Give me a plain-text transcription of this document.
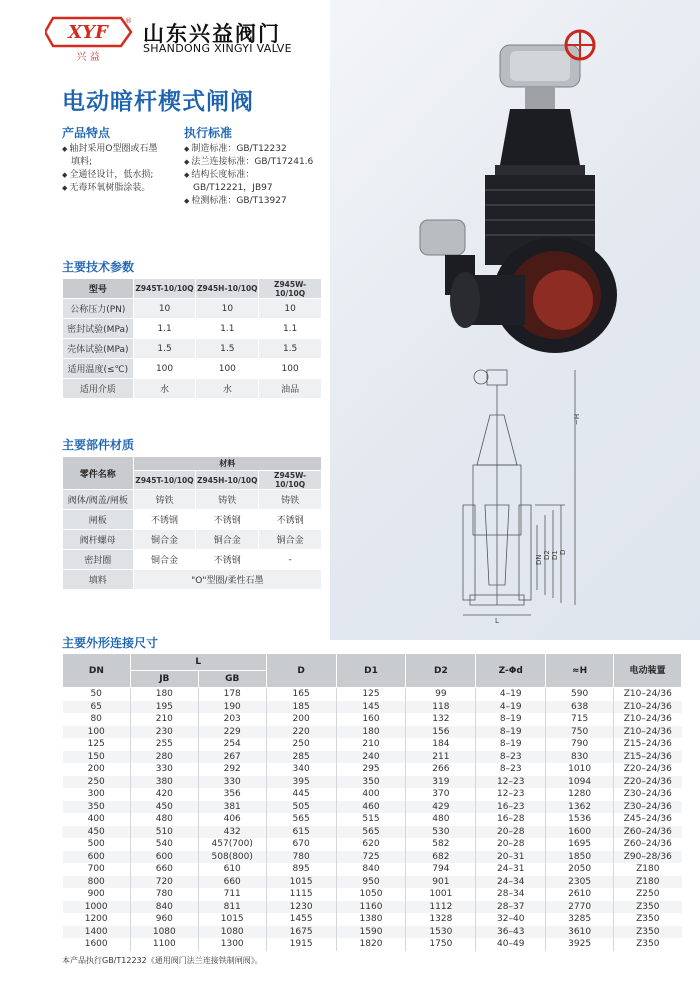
XYF
兴 益
®
山东兴益阀门
SHANDONG XINGYI VALVE
电动暗杆楔式闸阀
产品特点
◆ 轴封采用O型圈或石墨
填料;
◆ 全通径设计，低水损;
◆ 无毒环氧树脂涂装。
执行标准
◆ 制造标准：GB/T12232
◆ 法兰连接标准：GB/T17241.6
◆ 结构长度标准：
GB/T12221，JB97
◆ 检测标准：GB/T13927
~H
L
DN D2 D1 D
主要技术参数
型号	Z945T-10/10Q	Z945H-10/10Q	Z945W-10/10Q
公称压力(PN)	10	10	10
密封试验(MPa)	1.1	1.1	1.1
壳体试验(MPa)	1.5	1.5	1.5
适用温度(≤℃)	100	100	100
适用介质	水	水	油品
主要部件材质
零件名称	材料		
	Z945T-10/10Q	Z945H-10/10Q	Z945W-10/10Q
阀体/阀盖/闸板	铸铁	铸铁	铸铁
闸板	不锈钢	不锈钢	不锈钢
阀杆螺母	铜合金	铜合金	铜合金
密封圈	铜合金	不锈钢	-
填料	"O"型圈/柔性石墨		
主要外形连接尺寸
DN	L		D	D1	D2	Z-Φd	≈H	电动装置
	JB	GB						
50	180	178	165	125	99	4–19	590	Z10–24/36
65	195	190	185	145	118	4–19	638	Z10–24/36
80	210	203	200	160	132	8–19	715	Z10–24/36
100	230	229	220	180	156	8–19	750	Z10–24/36
125	255	254	250	210	184	8–19	790	Z15–24/36
150	280	267	285	240	211	8–23	830	Z15–24/36
200	330	292	340	295	266	8–23	1010	Z20–24/36
250	380	330	395	350	319	12–23	1094	Z20–24/36
300	420	356	445	400	370	12–23	1280	Z30–24/36
350	450	381	505	460	429	16–23	1362	Z30–24/36
400	480	406	565	515	480	16–28	1536	Z45–24/36
450	510	432	615	565	530	20–28	1600	Z60–24/36
500	540	457(700)	670	620	582	20–28	1695	Z60–24/36
600	600	508(800)	780	725	682	20–31	1850	Z90–28/36
700	660	610	895	840	794	24–31	2050	Z180
800	720	660	1015	950	901	24–34	2305	Z180
900	780	711	1115	1050	1001	28–34	2610	Z250
1000	840	811	1230	1160	1112	28–37	2770	Z350
1200	960	1015	1455	1380	1328	32–40	3285	Z350
1400	1080	1080	1675	1590	1530	36–43	3610	Z350
1600	1100	1300	1915	1820	1750	40–49	3925	Z350
本产品执行GB/T12232《通用阀门法兰连接铁制闸阀》。
